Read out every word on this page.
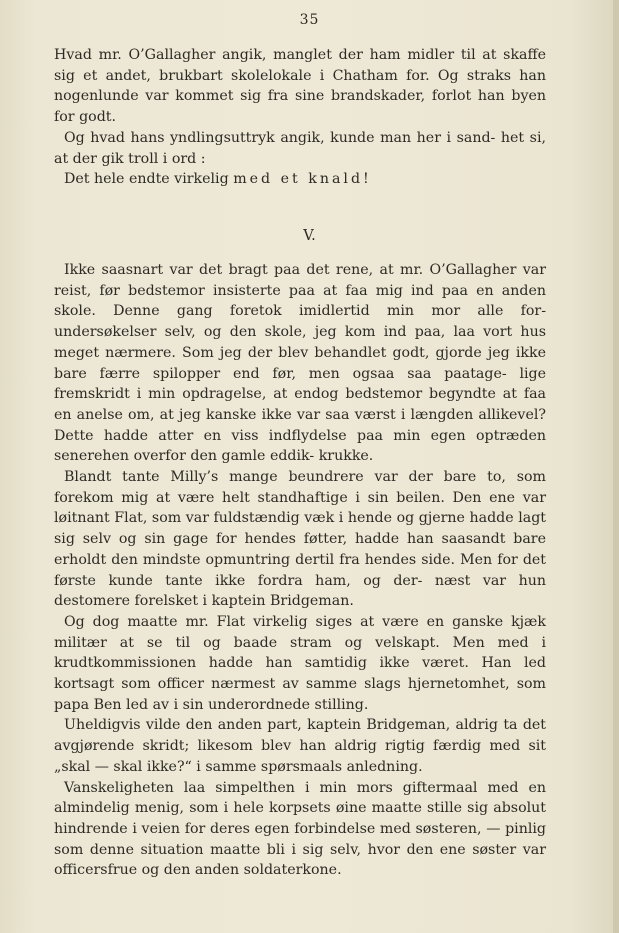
35

Hvad mr. O’Gallagher angik, manglet der ham midler til at skaffe sig et andet, brukbart skolelokale i Chatham for. Og straks han nogenlunde var kommet sig fra sine brandskader, forlot han byen for godt.

Og hvad hans yndlingsuttryk angik, kunde man her i sand- het si, at der gik troll i ord :

Det hele endte virkelig med et knald!

V.

Ikke saasnart var det bragt paa det rene, at mr. O’Gallagher var reist, før bedstemor insisterte paa at faa mig ind paa en anden skole. Denne gang foretok imidlertid min mor alle for- undersøkelser selv, og den skole, jeg kom ind paa, laa vort hus meget nærmere. Som jeg der blev behandlet godt, gjorde jeg ikke bare færre spilopper end før, men ogsaa saa paatage- lige fremskridt i min opdragelse, at endog bedstemor begyndte at faa en anelse om, at jeg kanske ikke var saa værst i længden allikevel? Dette hadde atter en viss indflydelse paa min egen optræden senerehen overfor den gamle eddik- krukke.

Blandt tante Milly’s mange beundrere var der bare to, som forekom mig at være helt standhaftige i sin beilen. Den ene var løitnant Flat, som var fuldstændig væk i hende og gjerne hadde lagt sig selv og sin gage for hendes føtter, hadde han saasandt bare erholdt den mindste opmuntring dertil fra hendes side. Men for det første kunde tante ikke fordra ham, og der- næst var hun destomere forelsket i kaptein Bridgeman.

Og dog maatte mr. Flat virkelig siges at være en ganske kjæk militær at se til og baade stram og velskapt. Men med i krudtkommissionen hadde han samtidig ikke været. Han led kortsagt som officer nærmest av samme slags hjernetomhet, som papa Ben led av i sin underordnede stilling.

Uheldigvis vilde den anden part, kaptein Bridgeman, aldrig ta det avgjørende skridt; likesom blev han aldrig rigtig færdig med sit „skal — skal ikke?“ i samme spørsmaals anledning.

Vanskeligheten laa simpelthen i min mors giftermaal med en almindelig menig, som i hele korpsets øine maatte stille sig absolut hindrende i veien for deres egen forbindelse med søsteren, — pinlig som denne situation maatte bli i sig selv, hvor den ene søster var officersfrue og den anden soldaterkone.
